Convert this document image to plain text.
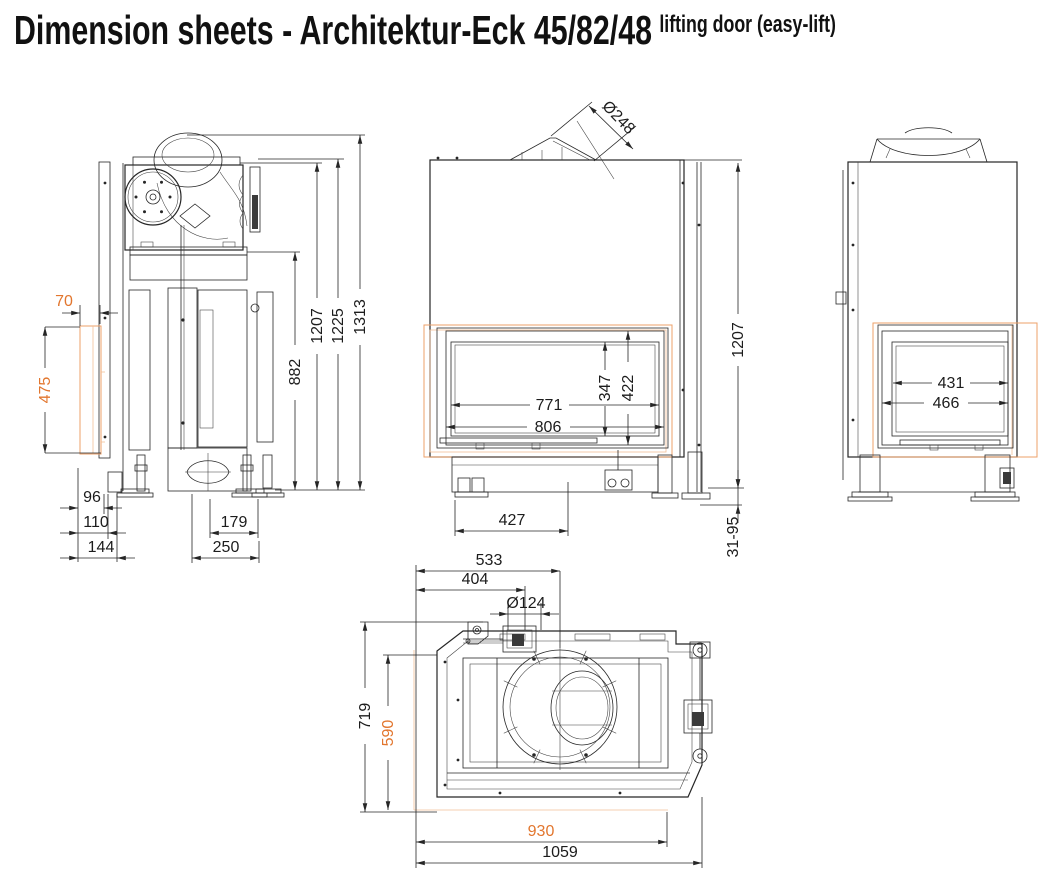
Dimension sheets - Architektur-Eck 45/82/48 lifting door (easy-lift)
70
475
882
1207 1225 1313
96
110
144
179
250
Ø248
771
806
347 422
1207
31-95
427
431
466
533
404
Ø124
719
590
930
1059
